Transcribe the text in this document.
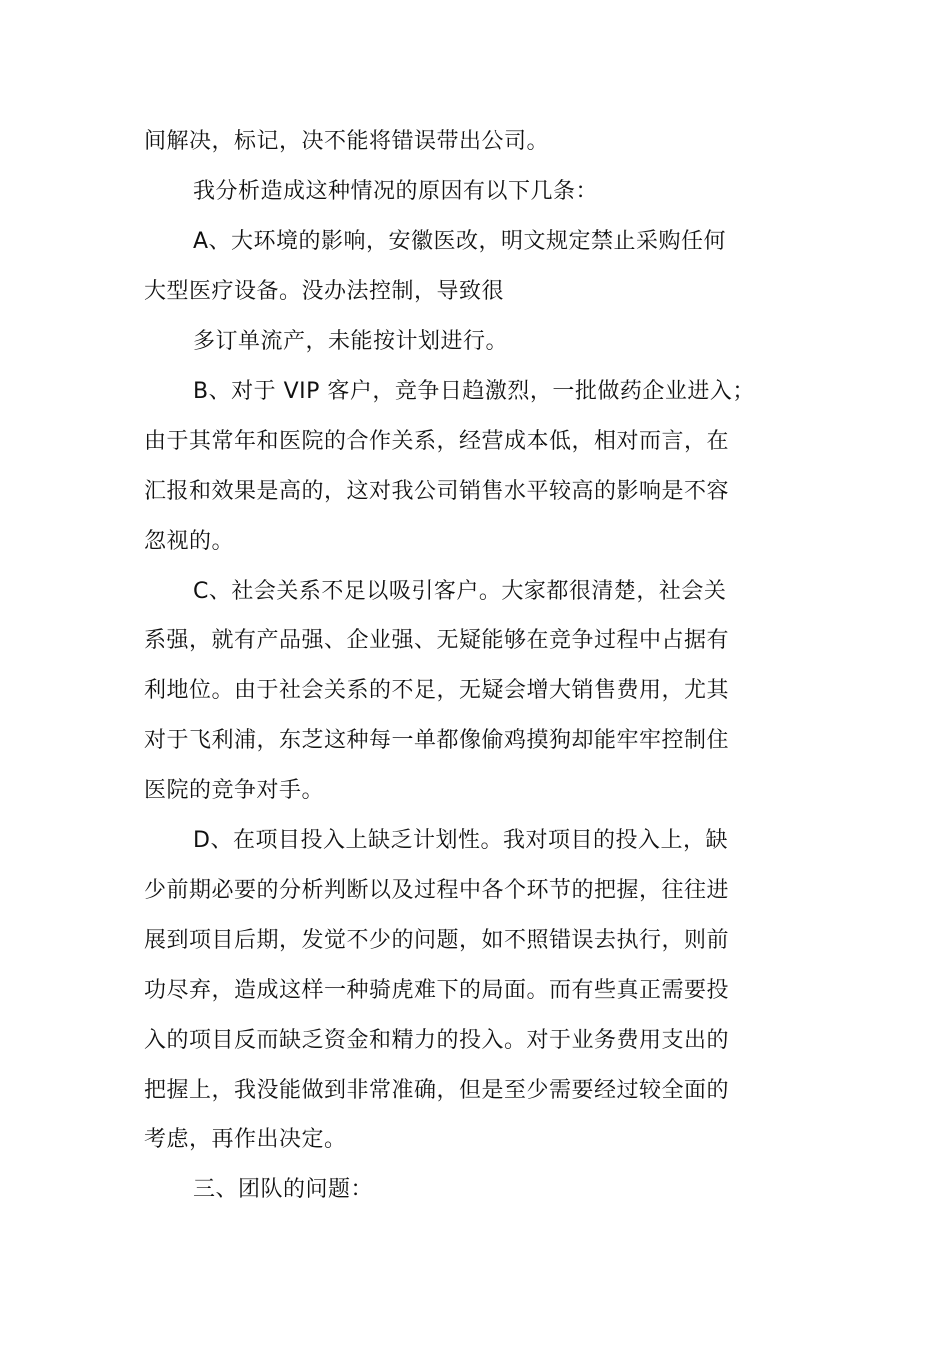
间解决，标记，决不能将错误带出公司。
我分析造成这种情况的原因有以下几条：
A、大环境的影响，安徽医改，明文规定禁止采购任何
大型医疗设备。没办法控制，导致很
多订单流产，未能按计划进行。
B、对于 VIP 客户，竞争日趋激烈，一批做药企业进入；
由于其常年和医院的合作关系，经营成本低，相对而言，在
汇报和效果是高的，这对我公司销售水平较高的影响是不容
忽视的。
C、社会关系不足以吸引客户。大家都很清楚，社会关
系强，就有产品强、企业强、无疑能够在竞争过程中占据有
利地位。由于社会关系的不足，无疑会增大销售费用，尤其
对于飞利浦，东芝这种每一单都像偷鸡摸狗却能牢牢控制住
医院的竞争对手。
D、在项目投入上缺乏计划性。我对项目的投入上，缺
少前期必要的分析判断以及过程中各个环节的把握，往往进
展到项目后期，发觉不少的问题，如不照错误去执行，则前
功尽弃，造成这样一种骑虎难下的局面。而有些真正需要投
入的项目反而缺乏资金和精力的投入。对于业务费用支出的
把握上，我没能做到非常准确，但是至少需要经过较全面的
考虑，再作出决定。
三、团队的问题：
